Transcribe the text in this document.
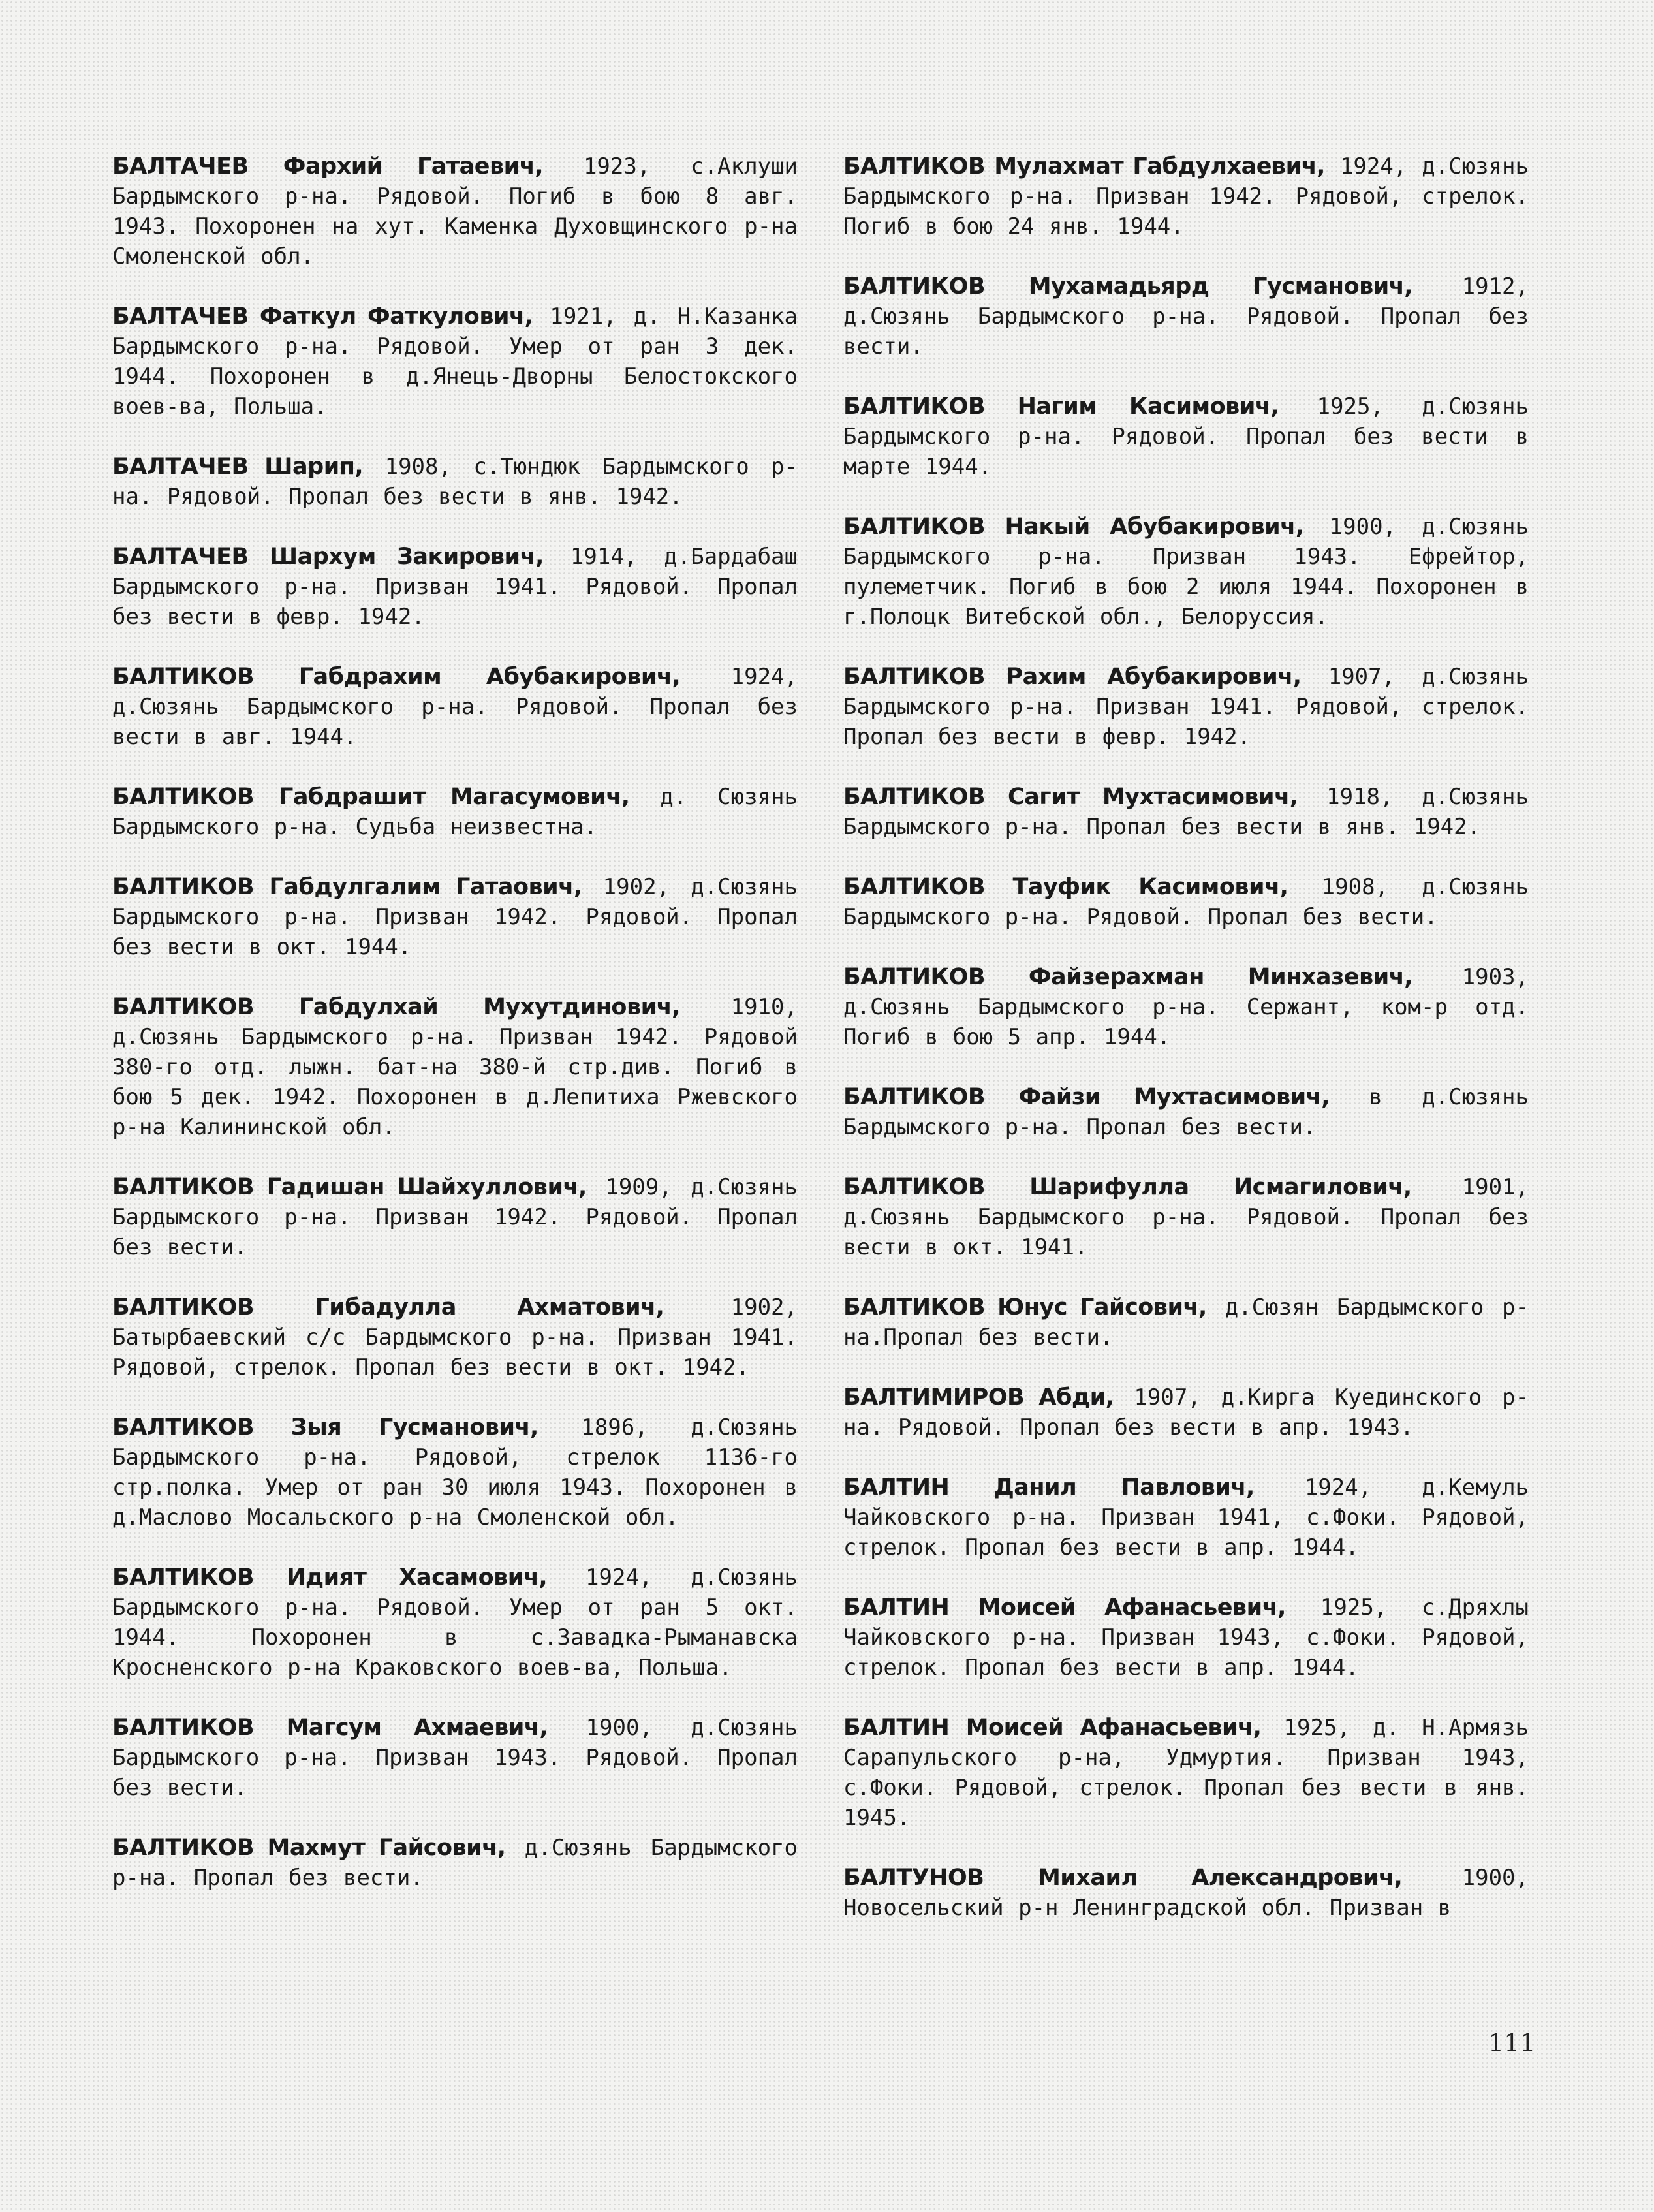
БАЛТАЧЕВ Фархий Гатаевич, 1923, с.Аклуши Бардымского р-на. Рядовой. Погиб в бою 8 авг. 1943. Похоронен на хут. Каменка Духовщинского р-на Смоленской обл.

БАЛТАЧЕВ Фаткул Фаткулович, 1921, д. Н.Казанка Бардымского р-на. Рядовой. Умер от ран 3 дек. 1944. Похоронен в д.Янець-Дворны Белостокского воев-ва, Польша.

БАЛТАЧЕВ Шарип, 1908, с.Тюндюк Бардымского р-на. Рядовой. Пропал без вести в янв. 1942.

БАЛТАЧЕВ Шархум Закирович, 1914, д.Бардабаш Бардымского р-на. Призван 1941. Рядовой. Пропал без вести в февр. 1942.

БАЛТИКОВ Габдрахим Абубакирович, 1924, д.Сюзянь Бардымского р-на. Рядовой. Пропал без вести в авг. 1944.

БАЛТИКОВ Габдрашит Магасумович, д. Сюзянь Бардымского р-на. Судьба неизвестна.

БАЛТИКОВ Габдулгалим Гатаович, 1902, д.Сюзянь Бардымского р-на. Призван 1942. Рядовой. Пропал без вести в окт. 1944.

БАЛТИКОВ Габдулхай Мухутдинович, 1910, д.Сюзянь Бардымского р-на. Призван 1942. Рядовой 380-го отд. лыжн. бат-на 380-й стр.див. Погиб в бою 5 дек. 1942. Похоронен в д.Лепитиха Ржевского р-на Калининской обл.

БАЛТИКОВ Гадишан Шайхуллович, 1909, д.Сюзянь Бардымского р-на. Призван 1942. Рядовой. Пропал без вести.

БАЛТИКОВ Гибадулла Ахматович, 1902, Батырбаевский с/с Бардымского р-на. Призван 1941. Рядовой, стрелок. Пропал без вести в окт. 1942.

БАЛТИКОВ Зыя Гусманович, 1896, д.Сюзянь Бардымского р-на. Рядовой, стрелок 1136-го стр.полка. Умер от ран 30 июля 1943. Похоронен в д.Маслово Мосальского р-на Смоленской обл.

БАЛТИКОВ Идият Хасамович, 1924, д.Сюзянь Бардымского р-на. Рядовой. Умер от ран 5 окт. 1944. Похоронен в с.Завадка-Рыманавска Кросненского р-на Краковского воев-ва, Польша.

БАЛТИКОВ Магсум Ахмаевич, 1900, д.Сюзянь Бардымского р-на. Призван 1943. Рядовой. Пропал без вести.

БАЛТИКОВ Махмут Гайсович, д.Сюзянь Бардымского р-на. Пропал без вести.

БАЛТИКОВ Мулахмат Габдулхаевич, 1924, д.Сюзянь Бардымского р-на. Призван 1942. Рядовой, стрелок. Погиб в бою 24 янв. 1944.

БАЛТИКОВ Мухамадьярд Гусманович, 1912, д.Сюзянь Бардымского р-на. Рядовой. Пропал без вести.

БАЛТИКОВ Нагим Касимович, 1925, д.Сюзянь Бардымского р-на. Рядовой. Пропал без вести в марте 1944.

БАЛТИКОВ Накый Абубакирович, 1900, д.Сюзянь Бардымского р-на. Призван 1943. Ефрейтор, пулеметчик. Погиб в бою 2 июля 1944. Похоронен в г.Полоцк Витебской обл., Белоруссия.

БАЛТИКОВ Рахим Абубакирович, 1907, д.Сюзянь Бардымского р-на. Призван 1941. Рядовой, стрелок. Пропал без вести в февр. 1942.

БАЛТИКОВ Сагит Мухтасимович, 1918, д.Сюзянь Бардымского р-на. Пропал без вести в янв. 1942.

БАЛТИКОВ Тауфик Касимович, 1908, д.Сюзянь Бардымского р-на. Рядовой. Пропал без вести.

БАЛТИКОВ Файзерахман Минхазевич, 1903, д.Сюзянь Бардымского р-на. Сержант, ком-р отд. Погиб в бою 5 апр. 1944.

БАЛТИКОВ Файзи Мухтасимович, в д.Сюзянь Бардымского р-на. Пропал без вести.

БАЛТИКОВ Шарифулла Исмагилович, 1901, д.Сюзянь Бардымского р-на. Рядовой. Пропал без вести в окт. 1941.

БАЛТИКОВ Юнус Гайсович, д.Сюзян Бардымского р-на.Пропал без вести.

БАЛТИМИРОВ Абди, 1907, д.Кирга Куединского р-на. Рядовой. Пропал без вести в апр. 1943.

БАЛТИН Данил Павлович, 1924, д.Кемуль Чайковского р-на. Призван 1941, с.Фоки. Рядовой, стрелок. Пропал без вести в апр. 1944.

БАЛТИН Моисей Афанасьевич, 1925, с.Дряхлы Чайковского р-на. Призван 1943, с.Фоки. Рядовой, стрелок. Пропал без вести в апр. 1944.

БАЛТИН Моисей Афанасьевич, 1925, д. Н.Армязь Сарапульского р-на, Удмуртия. Призван 1943, с.Фоки. Рядовой, стрелок. Пропал без вести в янв. 1945.

БАЛТУНОВ Михаил Александрович, 1900, Новосельский р-н Ленинградской обл. Призван в

111
